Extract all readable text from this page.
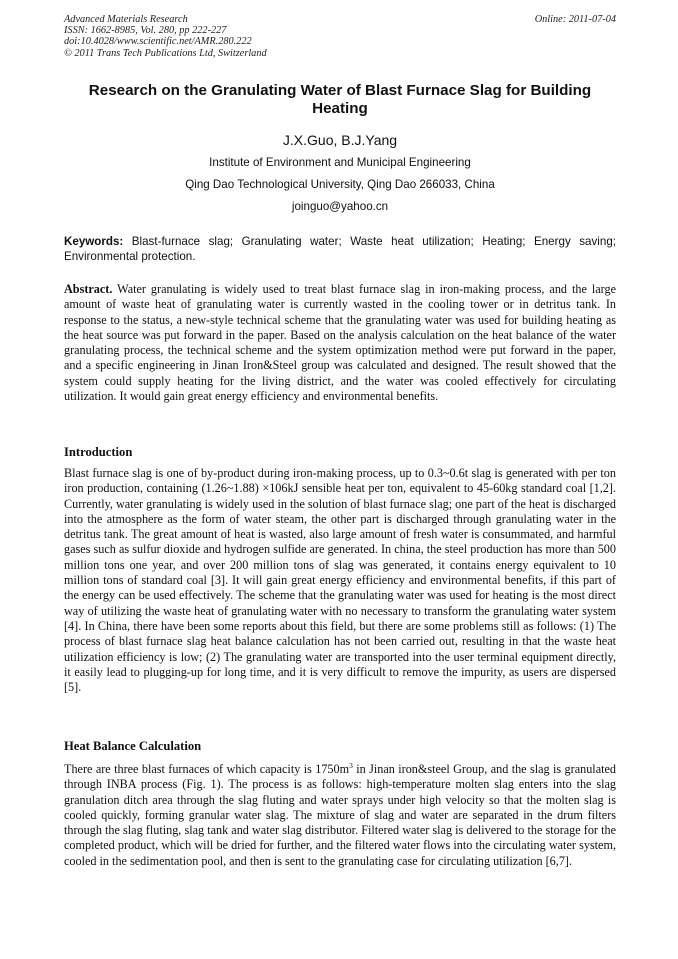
Advanced Materials Research
ISSN: 1662-8985, Vol. 280, pp 222-227
doi:10.4028/www.scientific.net/AMR.280.222
© 2011 Trans Tech Publications Ltd, Switzerland
Online: 2011-07-04
Research on the Granulating Water of Blast Furnace Slag for Building Heating
J.X.Guo, B.J.Yang
Institute of Environment and Municipal Engineering
Qing Dao Technological University, Qing Dao 266033, China
joinguo@yahoo.cn
Keywords: Blast-furnace slag; Granulating water; Waste heat utilization; Heating; Energy saving; Environmental protection.
Abstract. Water granulating is widely used to treat blast furnace slag in iron-making process, and the large amount of waste heat of granulating water is currently wasted in the cooling tower or in detritus tank. In response to the status, a new-style technical scheme that the granulating water was used for building heating as the heat source was put forward in the paper. Based on the analysis calculation on the heat balance of the water granulating process, the technical scheme and the system optimization method were put forward in the paper, and a specific engineering in Jinan Iron&Steel group was calculated and designed. The result showed that the system could supply heating for the living district, and the water was cooled effectively for circulating utilization. It would gain great energy efficiency and environmental benefits.
Introduction
Blast furnace slag is one of by-product during iron-making process, up to 0.3~0.6t slag is generated with per ton iron production, containing (1.26~1.88) ×106kJ sensible heat per ton, equivalent to 45-60kg standard coal [1,2]. Currently, water granulating is widely used in the solution of blast furnace slag; one part of the heat is discharged into the atmosphere as the form of water steam, the other part is discharged through granulating water in the detritus tank. The great amount of heat is wasted, also large amount of fresh water is consummated, and harmful gases such as sulfur dioxide and hydrogen sulfide are generated. In china, the steel production has more than 500 million tons one year, and over 200 million tons of slag was generated, it contains energy equivalent to 10 million tons of standard coal [3]. It will gain great energy efficiency and environmental benefits, if this part of the energy can be used effectively. The scheme that the granulating water was used for heating is the most direct way of utilizing the waste heat of granulating water with no necessary to transform the granulating water system [4]. In China, there have been some reports about this field, but there are some problems still as follows: (1) The process of blast furnace slag heat balance calculation has not been carried out, resulting in that the waste heat utilization efficiency is low; (2) The granulating water are transported into the user terminal equipment directly, it easily lead to plugging-up for long time, and it is very difficult to remove the impurity, as users are dispersed [5].
Heat Balance Calculation
There are three blast furnaces of which capacity is $1750m^3$ in Jinan iron&steel Group, and the slag is granulated through INBA process (Fig. 1). The process is as follows: high-temperature molten slag enters into the slag granulation ditch area through the slag fluting and water sprays under high velocity so that the molten slag is cooled quickly, forming granular water slag. The mixture of slag and water are separated in the drum filters through the slag fluting, slag tank and water slag distributor. Filtered water slag is delivered to the storage for the completed product, which will be dried for further, and the filtered water flows into the circulating water system, cooled in the sedimentation pool, and then is sent to the granulating case for circulating utilization [6,7].
